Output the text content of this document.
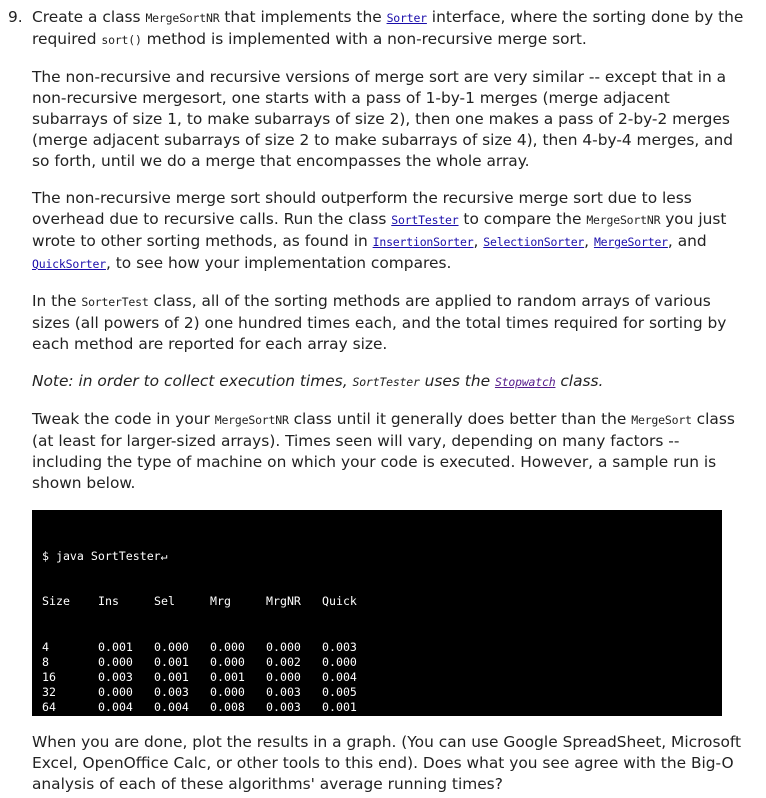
9. Create a class MergeSortNR that implements the Sorter interface, where the sorting done by the required sort() method is implemented with a non-recursive merge sort.

The non-recursive and recursive versions of merge sort are very similar -- except that in a non-recursive mergesort, one starts with a pass of 1-by-1 merges (merge adjacent subarrays of size 1, to make subarrays of size 2), then one makes a pass of 2-by-2 merges (merge adjacent subarrays of size 2 to make subarrays of size 4), then 4-by-4 merges, and so forth, until we do a merge that encompasses the whole array.

The non-recursive merge sort should outperform the recursive merge sort due to less overhead due to recursive calls. Run the class SortTester to compare the MergeSortNR you just wrote to other sorting methods, as found in InsertionSorter, SelectionSorter, MergeSorter, and QuickSorter, to see how your implementation compares.

In the SorterTest class, all of the sorting methods are applied to random arrays of various sizes (all powers of 2) one hundred times each, and the total times required for sorting by each method are reported for each array size.

Note: in order to collect execution times, SortTester uses the Stopwatch class.

Tweak the code in your MergeSortNR class until it generally does better than the MergeSort class (at least for larger-sized arrays). Times seen will vary, depending on many factors -- including the type of machine on which your code is executed. However, a sample run is shown below.

$ java SortTester↵

Size	Ins	Sel	Mrg	MrgNR	Quick

4	0.001	0.000	0.000	0.000	0.003
8	0.000	0.001	0.000	0.002	0.000
16	0.003	0.001	0.001	0.000	0.004
32	0.000	0.003	0.000	0.003	0.005
64	0.004	0.004	0.008	0.003	0.001

When you are done, plot the results in a graph. (You can use Google SpreadSheet, Microsoft Excel, OpenOffice Calc, or other tools to this end). Does what you see agree with the Big-O analysis of each of these algorithms' average running times?
